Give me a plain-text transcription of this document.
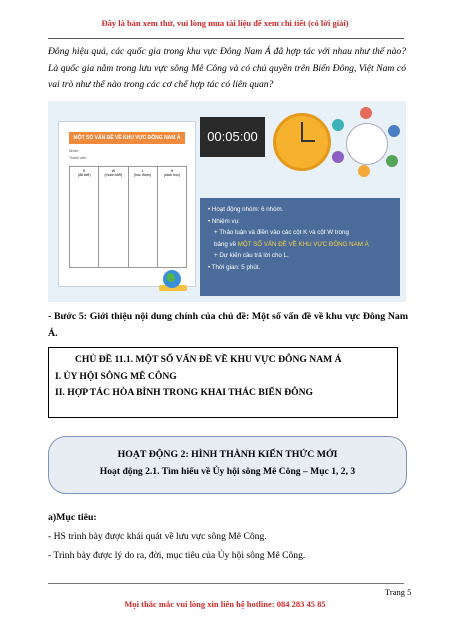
Đây là bản xem thử, vui lòng mua tài liệu để xem chi tiết (có lời giải)
Đông hiệu quả, các quốc gia trong khu vực Đông Nam Á đã hợp tác với nhau như thế nào? Là quốc gia nằm trong lưu vực sông Mê Công và có chủ quyền trên Biển Đông, Việt Nam có vai trò như thế nào trong các cơ chế hợp tác có liên quan?
MỘT SỐ VẤN ĐỀ VỀ KHU VỰC ĐÔNG NAM Á
Nhóm:
Thành viên:
K
(đã biết)
W
(muốn biết)
L
(học được)
H
(cách học)
00:05:00
• Hoạt động nhóm: 6 nhóm.
• Nhiệm vụ:
+ Thảo luận và điền vào các cột K và cột W trong
bảng về MỘT SỐ VẤN ĐỀ VỀ KHU VỰC ĐÔNG NAM Á
+ Dự kiến câu trả lời cho L.
• Thời gian: 5 phút.
- Bước 5: Giới thiệu nội dung chính của chủ đề: Một số vấn đề về khu vực Đông Nam Á.
CHỦ ĐỀ 11.1. MỘT SỐ VẤN ĐỀ VỀ KHU VỰC ĐÔNG NAM Á
I. ỦY HỘI SÔNG MÊ CÔNG
II. HỢP TÁC HÒA BÌNH TRONG KHAI THÁC BIỂN ĐÔNG
HOẠT ĐỘNG 2: HÌNH THÀNH KIẾN THỨC MỚI
Hoạt động 2.1. Tìm hiểu về Ủy hội sông Mê Công – Mục 1, 2, 3
a)Mục tiêu:
- HS trình bày được khái quát về lưu vực sông Mê Công.
- Trình bày được lý do ra, đời, mục tiêu của Ủy hội sông Mê Công.
Trang 5
Mọi thắc mắc vui lòng xin liên hệ hotline: 084 283 45 85
